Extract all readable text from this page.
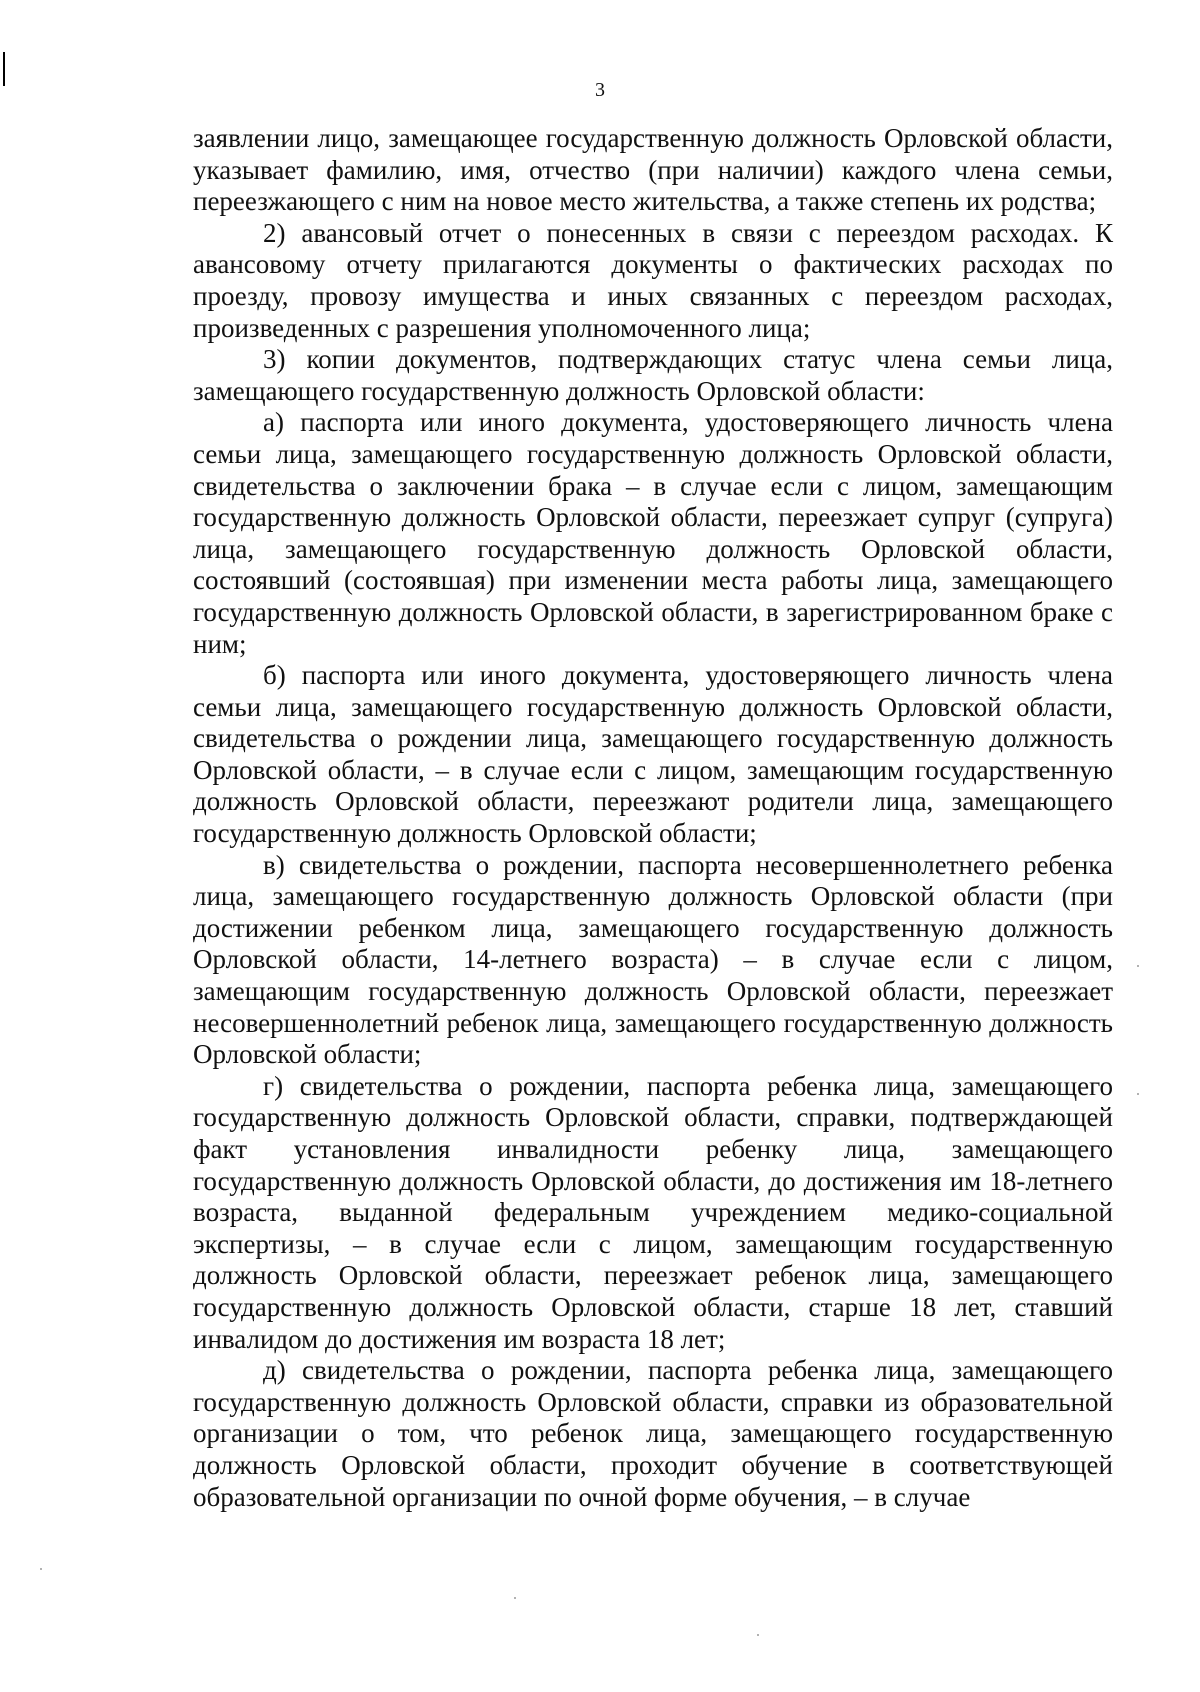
3

заявлении лицо, замещающее государственную должность Орловской области, указывает фамилию, имя, отчество (при наличии) каждого члена семьи, переезжающего с ним на новое место жительства, а также степень их родства;

2) авансовый отчет о понесенных в связи с переездом расходах. К авансовому отчету прилагаются документы о фактических расходах по проезду, провозу имущества и иных связанных с переездом расходах, произведенных с разрешения уполномоченного лица;

3) копии документов, подтверждающих статус члена семьи лица, замещающего государственную должность Орловской области:

а) паспорта или иного документа, удостоверяющего личность члена семьи лица, замещающего государственную должность Орловской области, свидетельства о заключении брака – в случае если с лицом, замещающим государственную должность Орловской области, переезжает супруг (супруга) лица, замещающего государственную должность Орловской области, состоявший (состоявшая) при изменении места работы лица, замещающего государственную должность Орловской области, в зарегистрированном браке с ним;

б) паспорта или иного документа, удостоверяющего личность члена семьи лица, замещающего государственную должность Орловской области, свидетельства о рождении лица, замещающего государственную должность Орловской области, – в случае если с лицом, замещающим государственную должность Орловской области, переезжают родители лица, замещающего государственную должность Орловской области;

в) свидетельства о рождении, паспорта несовершеннолетнего ребенка лица, замещающего государственную должность Орловской области (при достижении ребенком лица, замещающего государственную должность Орловской области, 14-летнего возраста) – в случае если с лицом, замещающим государственную должность Орловской области, переезжает несовершеннолетний ребенок лица, замещающего государственную должность Орловской области;

г) свидетельства о рождении, паспорта ребенка лица, замещающего государственную должность Орловской области, справки, подтверждающей факт установления инвалидности ребенку лица, замещающего государственную должность Орловской области, до достижения им 18-летнего возраста, выданной федеральным учреждением медико-социальной экспертизы, – в случае если с лицом, замещающим государственную должность Орловской области, переезжает ребенок лица, замещающего государственную должность Орловской области, старше 18 лет, ставший инвалидом до достижения им возраста 18 лет;

д) свидетельства о рождении, паспорта ребенка лица, замещающего государственную должность Орловской области, справки из образовательной организации о том, что ребенок лица, замещающего государственную должность Орловской области, проходит обучение в соответствующей образовательной организации по очной форме обучения, – в случае
